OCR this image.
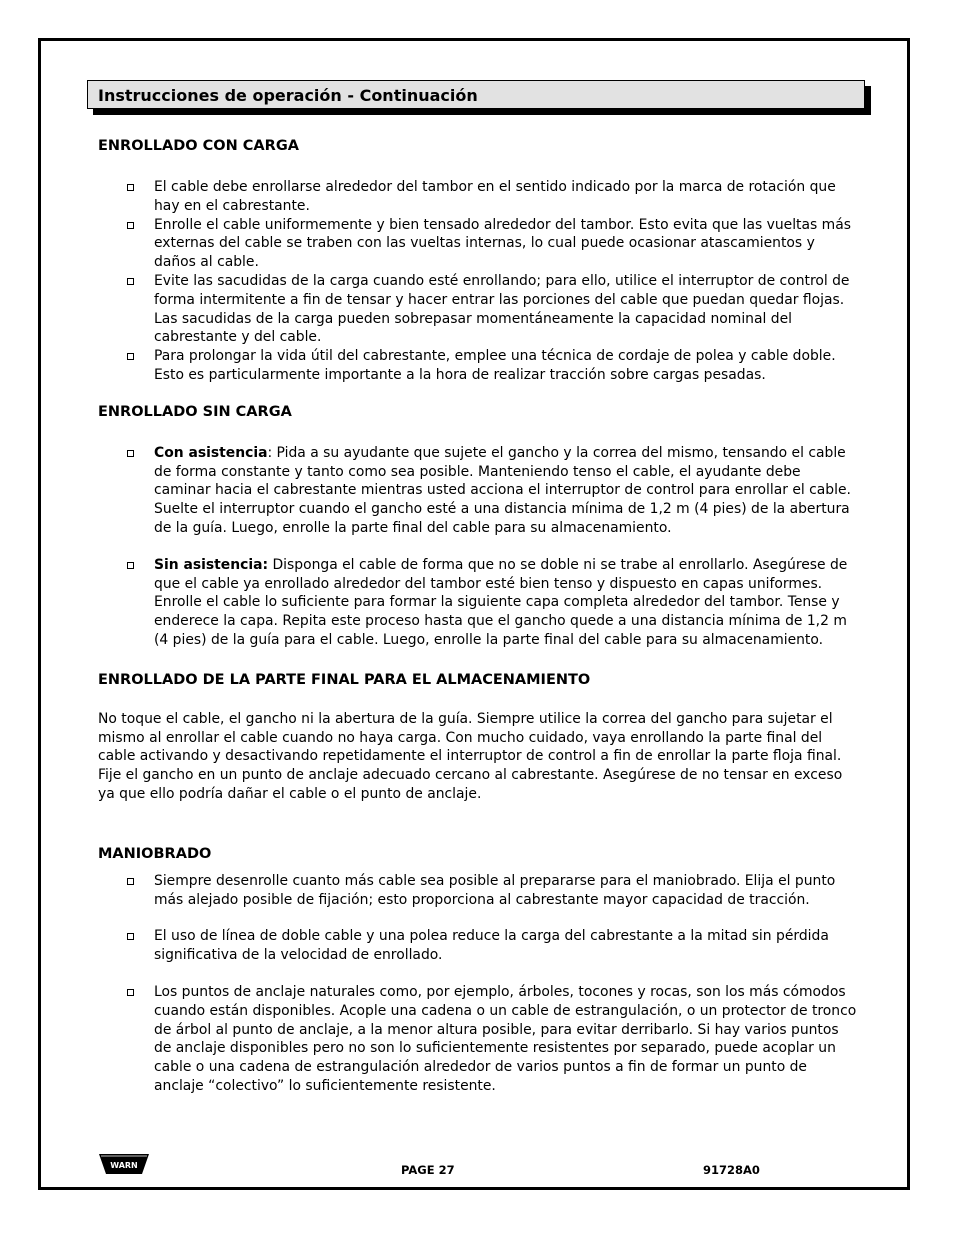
Instrucciones de operación - Continuación
ENROLLADO CON CARGA
El cable debe enrollarse alrededor del tambor en el sentido indicado por la marca de rotación que hay en el cabrestante.
Enrolle el cable uniformemente y bien tensado alrededor del tambor. Esto evita que las vueltas más externas del cable se traben con las vueltas internas, lo cual puede ocasionar atascamientos y daños al cable.
Evite las sacudidas de la carga cuando esté enrollando; para ello, utilice el interruptor de control de forma intermitente a fin de tensar y hacer entrar las porciones del cable que puedan quedar flojas. Las sacudidas de la carga pueden sobrepasar momentáneamente la capacidad nominal del cabrestante y del cable.
Para prolongar la vida útil del cabrestante, emplee una técnica de cordaje de polea y cable doble. Esto es particularmente importante a la hora de realizar tracción sobre cargas pesadas.
ENROLLADO SIN CARGA
Con asistencia: Pida a su ayudante que sujete el gancho y la correa del mismo, tensando el cable de forma constante y tanto como sea posible. Manteniendo tenso el cable, el ayudante debe caminar hacia el cabrestante mientras usted acciona el interruptor de control para enrollar el cable. Suelte el interruptor cuando el gancho esté a una distancia mínima de 1,2 m (4 pies) de la abertura de la guía. Luego, enrolle la parte final del cable para su almacenamiento.
Sin asistencia: Disponga el cable de forma que no se doble ni se trabe al enrollarlo. Asegúrese de que el cable ya enrollado alrededor del tambor esté bien tenso y dispuesto en capas uniformes. Enrolle el cable lo suficiente para formar la siguiente capa completa alrededor del tambor. Tense y enderece la capa. Repita este proceso hasta que el gancho quede a una distancia mínima de 1,2 m (4 pies) de la guía para el cable. Luego, enrolle la parte final del cable para su almacenamiento.
ENROLLADO DE LA PARTE FINAL PARA EL ALMACENAMIENTO

No toque el cable, el gancho ni la abertura de la guía. Siempre utilice la correa del gancho para sujetar el mismo al enrollar el cable cuando no haya carga. Con mucho cuidado, vaya enrollando la parte final del cable activando y desactivando repetidamente el interruptor de control a fin de enrollar la parte floja final. Fije el gancho en un punto de anclaje adecuado cercano al cabrestante. Asegúrese de no tensar en exceso ya que ello podría dañar el cable o el punto de anclaje.

MANIOBRADO
Siempre desenrolle cuanto más cable sea posible al prepararse para el maniobrado. Elija el punto más alejado posible de fijación; esto proporciona al cabrestante mayor capacidad de tracción.
El uso de línea de doble cable y una polea reduce la carga del cabrestante a la mitad sin pérdida significativa de la velocidad de enrollado.
Los puntos de anclaje naturales como, por ejemplo, árboles, tocones y rocas, son los más cómodos cuando están disponibles. Acople una cadena o un cable de estrangulación, o un protector de tronco de árbol al punto de anclaje, a la menor altura posible, para evitar derribarlo. Si hay varios puntos de anclaje disponibles pero no son lo suficientemente resistentes por separado, puede acoplar un cable o una cadena de estrangulación alrededor de varios puntos a fin de formar un punto de anclaje “colectivo” lo suficientemente resistente.
WARN	PAGE 27	91728A0
